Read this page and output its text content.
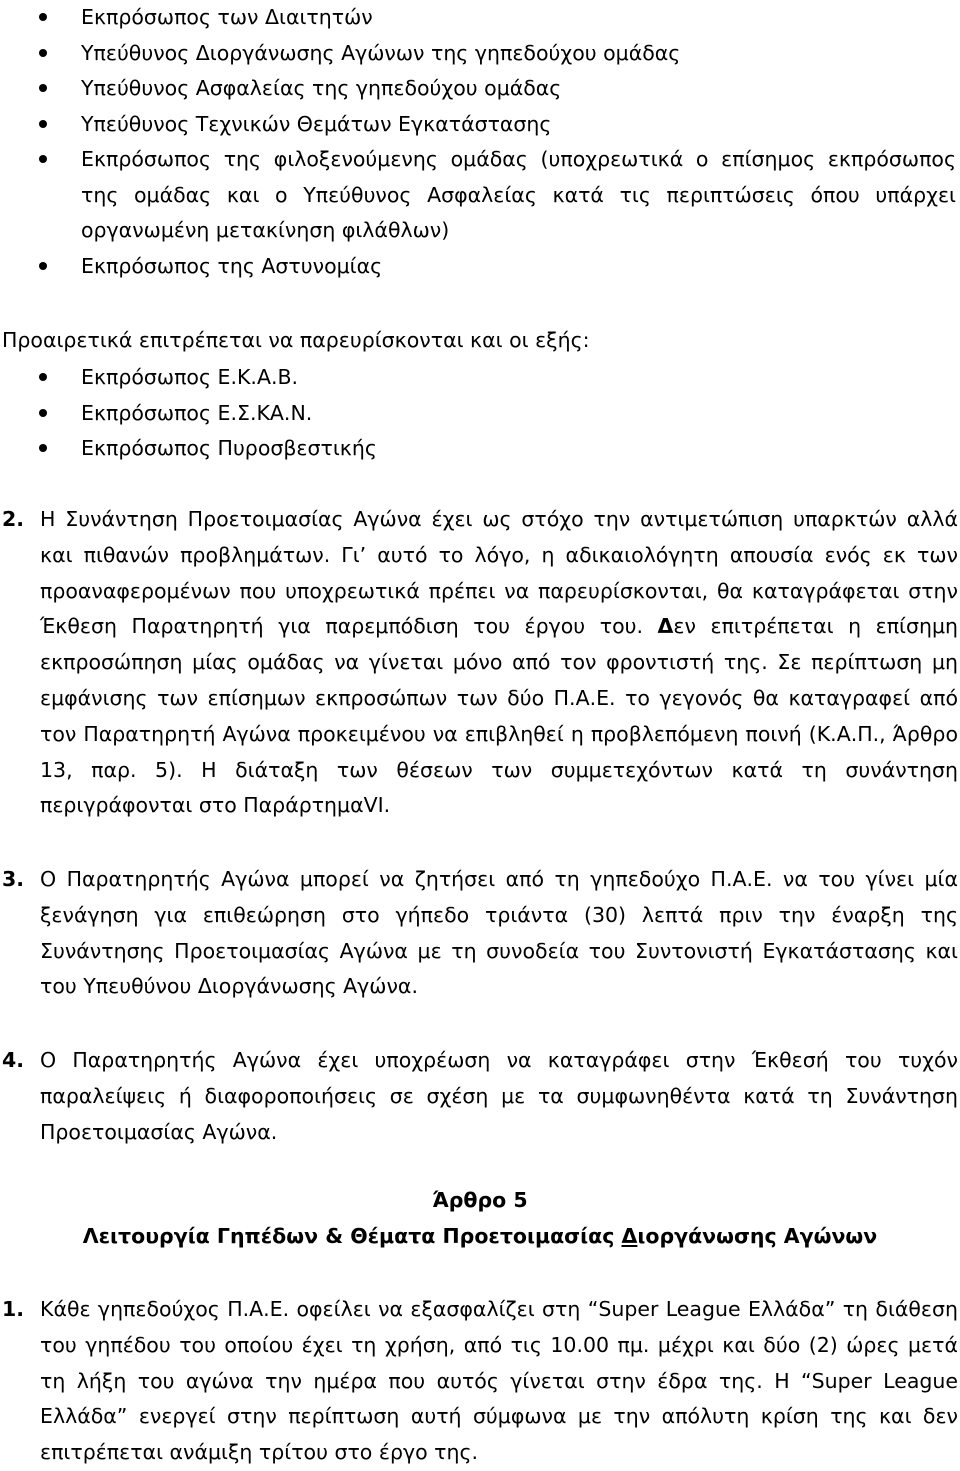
Εκπρόσωπος των Διαιτητών
Υπεύθυνος Διοργάνωσης Αγώνων της γηπεδούχου ομάδας
Υπεύθυνος Ασφαλείας της γηπεδούχου ομάδας
Υπεύθυνος Τεχνικών Θεμάτων Εγκατάστασης
Εκπρόσωπος της φιλοξενούμενης ομάδας (υποχρεωτικά ο επίσημος εκπρόσωπος της ομάδας και ο Υπεύθυνος Ασφαλείας κατά τις περιπτώσεις όπου υπάρχει οργανωμένη μετακίνηση φιλάθλων)
Εκπρόσωπος της Αστυνομίας

Προαιρετικά επιτρέπεται να παρευρίσκονται και οι εξής:

Εκπρόσωπος Ε.Κ.Α.Β.
Εκπρόσωπος Ε.Σ.ΚΑ.Ν.
Εκπρόσωπος Πυροσβεστικής

2. Η Συνάντηση Προετοιμασίας Αγώνα έχει ως στόχο την αντιμετώπιση υπαρκτών αλλά και πιθανών προβλημάτων. Γι’ αυτό το λόγο, η αδικαιολόγητη απουσία ενός εκ των προαναφερομένων που υποχρεωτικά πρέπει να παρευρίσκονται, θα καταγράφεται στην Έκθεση Παρατηρητή για παρεμπόδιση του έργου του. Δεν επιτρέπεται η επίσημη εκπροσώπηση μίας ομάδας να γίνεται μόνο από τον φροντιστή της. Σε περίπτωση μη εμφάνισης των επίσημων εκπροσώπων των δύο Π.Α.Ε. το γεγονός θα καταγραφεί από τον Παρατηρητή Αγώνα προκειμένου να επιβληθεί η προβλεπόμενη ποινή (Κ.Α.Π., Άρθρο 13, παρ. 5). Η διάταξη των θέσεων των συμμετεχόντων κατά τη συνάντηση περιγράφονται στο ΠαράρτημαVI.

3. Ο Παρατηρητής Αγώνα μπορεί να ζητήσει από τη γηπεδούχο Π.Α.Ε. να του γίνει μία ξενάγηση για επιθεώρηση στο γήπεδο τριάντα (30) λεπτά πριν την έναρξη της Συνάντησης Προετοιμασίας Αγώνα με τη συνοδεία του Συντονιστή Εγκατάστασης και του Υπευθύνου Διοργάνωσης Αγώνα.

4. Ο Παρατηρητής Αγώνα έχει υποχρέωση να καταγράφει στην Έκθεσή του τυχόν παραλείψεις ή διαφοροποιήσεις σε σχέση με τα συμφωνηθέντα κατά τη Συνάντηση Προετοιμασίας Αγώνα.

Άρθρο 5
Λειτουργία Γηπέδων & Θέματα Προετοιμασίας Διοργάνωσης Αγώνων

1. Κάθε γηπεδούχος Π.Α.Ε. οφείλει να εξασφαλίζει στη “Super League Ελλάδα” τη διάθεση του γηπέδου του οποίου έχει τη χρήση, από τις 10.00 πμ. μέχρι και δύο (2) ώρες μετά τη λήξη του αγώνα την ημέρα που αυτός γίνεται στην έδρα της. Η “Super League Ελλάδα” ενεργεί στην περίπτωση αυτή σύμφωνα με την απόλυτη κρίση της και δεν επιτρέπεται ανάμιξη τρίτου στο έργο της.
